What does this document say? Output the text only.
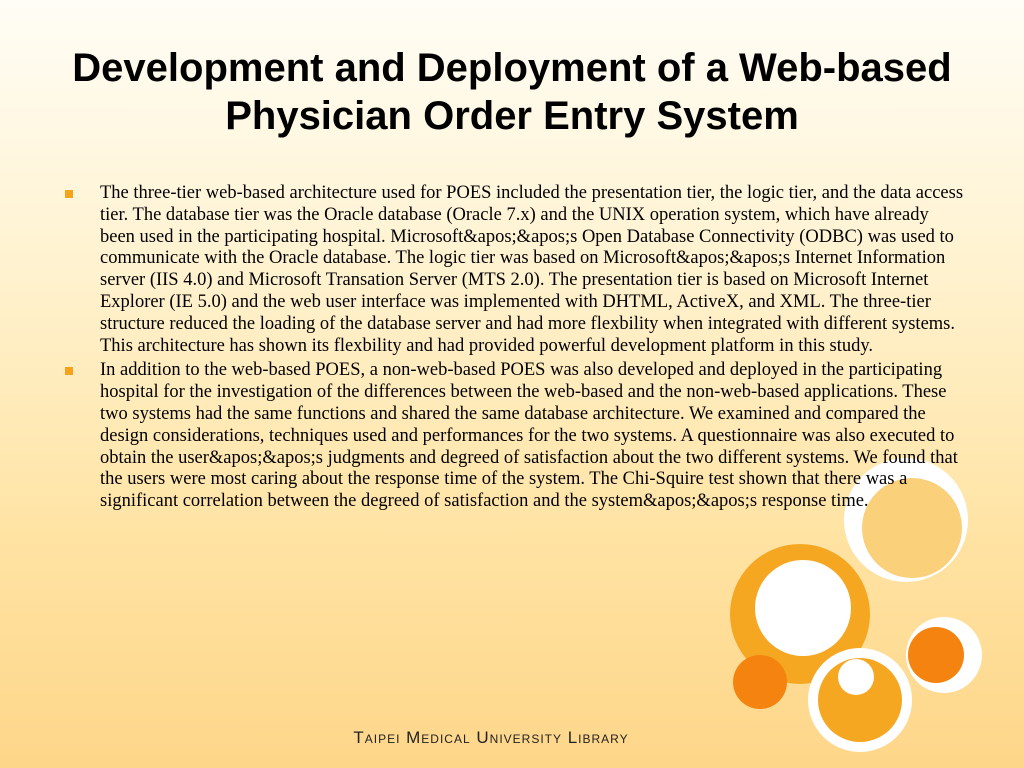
Development and Deployment of a Web-based Physician Order Entry System
The three-tier web-based architecture used for POES included the presentation tier, the logic tier, and the data access tier. The database tier was the Oracle database (Oracle 7.x) and the UNIX operation system, which have already been used in the participating hospital. Microsoft&apos;&apos;s Open Database Connectivity (ODBC) was used to communicate with the Oracle database. The logic tier was based on Microsoft&apos;&apos;s Internet Information server (IIS 4.0) and Microsoft Transation Server (MTS 2.0). The presentation tier is based on Microsoft Internet Explorer (IE 5.0) and the web user interface was implemented with DHTML, ActiveX, and XML. The three-tier structure reduced the loading of the database server and had more flexbility when integrated with different systems. This architecture has shown its flexbility and had provided powerful development platform in this study.
In addition to the web-based POES, a non-web-based POES was also developed and deployed in the participating hospital for the investigation of the differences between the web-based and the non-web-based applications. These two systems had the same functions and shared the same database architecture. We examined and compared the design considerations, techniques used and performances for the two systems. A questionnaire was also executed to obtain the user&apos;&apos;s judgments and degreed of satisfaction about the two different systems. We found that the users were most caring about the response time of the system. The Chi-Squire test shown that there was a significant correlation between the degreed of satisfaction and the system&apos;&apos;s response time.
Taipei Medical University Library
